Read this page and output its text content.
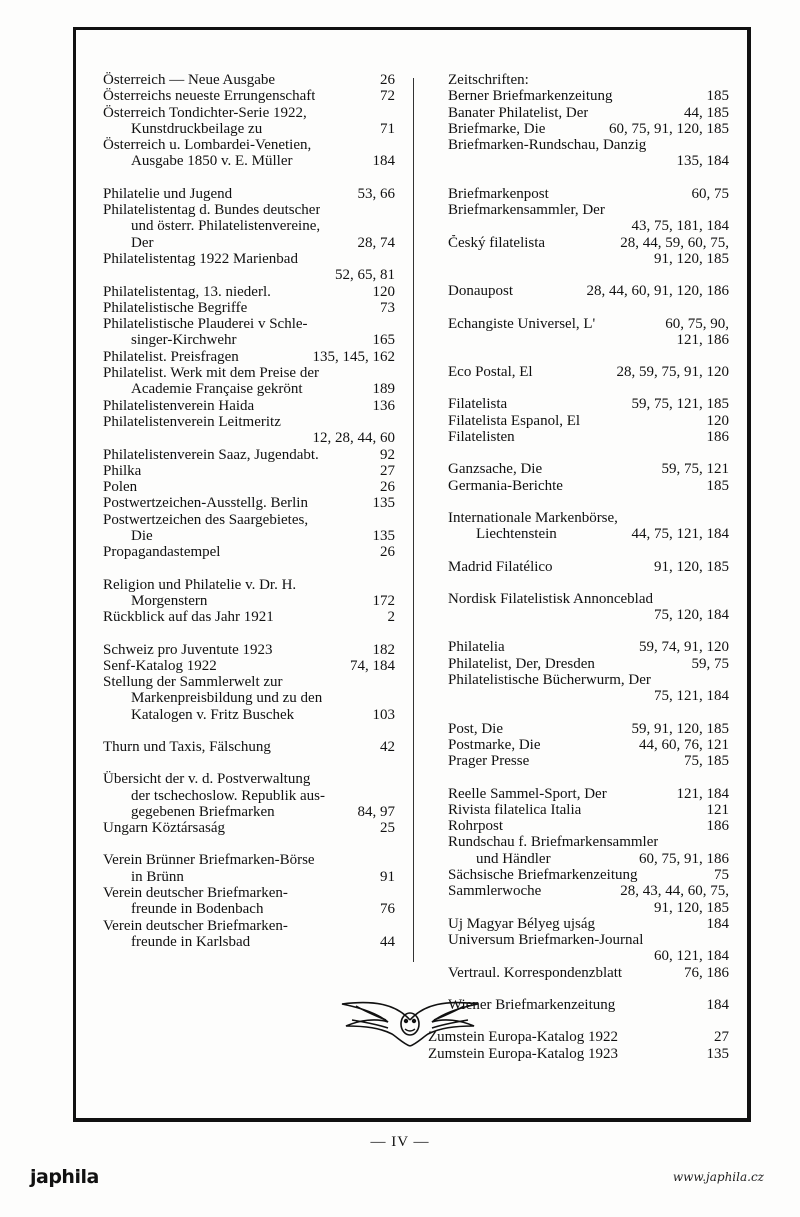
Österreich — Neue Ausgabe	26
Österreichs neueste Errungenschaft	72
Österreich Tondichter-Serie 1922,
Kunstdruckbeilage zu	71
Österreich u. Lombardei-Venetien,
Ausgabe 1850 v. E. Müller	184
Philatelie und Jugend	53, 66
Philatelistentag d. Bundes deutscher
und österr. Philatelistenvereine,
Der	28, 74
Philatelistentag 1922 Marienbad
52, 65, 81
Philatelistentag, 13. niederl.	120
Philatelistische Begriffe	73
Philatelistische Plauderei v Schle-
singer-Kirchwehr	165
Philatelist. Preisfragen	135, 145, 162
Philatelist. Werk mit dem Preise der
Academie Française gekrönt	189
Philatelistenverein Haida	136
Philatelistenverein Leitmeritz
12, 28, 44, 60
Philatelistenverein Saaz, Jugendabt.	92
Philka	27
Polen	26
Postwertzeichen-Ausstellg. Berlin	135
Postwertzeichen des Saargebietes,
Die	135
Propagandastempel	26
Religion und Philatelie v. Dr. H.
Morgenstern	172
Rückblick auf das Jahr 1921	2
Schweiz pro Juventute 1923	182
Senf-Katalog 1922	74, 184
Stellung der Sammlerwelt zur
Markenpreisbildung und zu den
Katalogen v. Fritz Buschek	103
Thurn und Taxis, Fälschung	42
Übersicht der v. d. Postverwaltung
der tschechoslow. Republik aus-
gegebenen Briefmarken	84, 97
Ungarn Köztársaság	25
Verein Brünner Briefmarken-Börse
in Brünn	91
Verein deutscher Briefmarken-
freunde in Bodenbach	76
Verein deutscher Briefmarken-
freunde in Karlsbad	44
Zeitschriften:
Berner Briefmarkenzeitung	185
Banater Philatelist, Der	44, 185
Briefmarke, Die	60, 75, 91, 120, 185
Briefmarken-Rundschau, Danzig
135, 184
Briefmarkenpost	60, 75
Briefmarkensammler, Der
43, 75, 181, 184
Český filatelista	28, 44, 59, 60, 75,
91, 120, 185
Donaupost	28, 44, 60, 91, 120, 186
Echangiste Universel, L'	60, 75, 90,
121, 186
Eco Postal, El	28, 59, 75, 91, 120
Filatelista	59, 75, 121, 185
Filatelista Espanol, El	120
Filatelisten	186
Ganzsache, Die	59, 75, 121
Germania-Berichte	185
Internationale Markenbörse,
Liechtenstein	44, 75, 121, 184
Madrid Filatélico	91, 120, 185
Nordisk Filatelistisk Annonceblad
75, 120, 184
Philatelia	59, 74, 91, 120
Philatelist, Der, Dresden	59, 75
Philatelistische Bücherwurm, Der
75, 121, 184
Post, Die	59, 91, 120, 185
Postmarke, Die	44, 60, 76, 121
Prager Presse	75, 185
Reelle Sammel-Sport, Der	121, 184
Rivista filatelica Italia	121
Rohrpost	186
Rundschau f. Briefmarkensammler
und Händler	60, 75, 91, 186
Sächsische Briefmarkenzeitung	75
Sammlerwoche	28, 43, 44, 60, 75,
91, 120, 185
Uj Magyar Bélyeg ujság	184
Universum Briefmarken-Journal
60, 121, 184
Vertraul. Korrespondenzblatt	76, 186
Wiener Briefmarkenzeitung	184
Zumstein Europa-Katalog 1922	27
Zumstein Europa-Katalog 1923	135
— IV —
japhila	www.japhila.cz
